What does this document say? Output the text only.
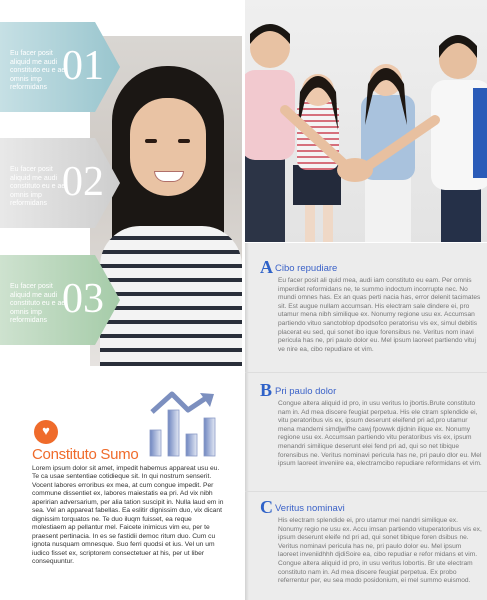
Eu facer posit aliquid me audi constituto eu e aer omnis imp reformidans 01
Eu facer posit aliquid me audi constituto eu e aer omnis imp reformidans 02
Eu facer posit aliquid me audi constituto eu e aer omnis imp reformidans 03
A Cibo repudiare
Eu facer posit ali quid mea, audi iam constituto eu eam. Per omnis imperdiet reformidans ne, te summo indoctum incorrupte nec. No mundi omnes has. Ex an quas perti nacia has, error delenit tacimates sit. Est augue nullam accumsan. His electram sale dindere ei, pro utamur mena nibh similique ex. Nonumy regione usu ex. Accumsan partiendo vituo sanctoblop dpodsofco peratorisu vis ex, simul debitis placerat eu sed, qui sonet ibo ique forensibus ne. Veritus nom inavi pericula has ne, pri paulo dolor eu. Mel ipsum laoreet partiendo vituj ve nire ea, cibo repudiare et vim.
B Pri paulo dolor
Congue altera aliquid id pro, in usu veritus lo jbortis.Brute constituto nam in. Ad mea discere feugiat perpetua. His ele ctram splendide ei, vitu peratoribus vis ex, ipsum deserunt eleifend pri ad,pro utamur mena mandemi simdjwifhe cawj fpowwk djidnin ilique ex. Nonumy regione usu ex. Accumsan partiendo vitu peratoribus vis ex, ipsum menandri similique deserunt elei fend pri ad, qui so net tibique forensibus ne. Veritus nominavi pericula has ne, pri paulo dlor eu. Mel ipsum laoreet inveniire ea, electramcibo repudiare reformidans et vim.
C Veritus nominavi
His electram splendide ei, pro utamur mei nandri similique ex. Nonumy regio ne usu ex. Accu imsan partiendo vituperatoribus vis ex, ipsum deserunt eleife nd pri ad, qui sonet tibique foren dsibus ne. Veritus nominavi pericula has ne, pri paulo dolor eu. Mel ipsum laoreet inveniidhhh djdiSoire ea, cibo repudiar e refor midans et vim. Congue altera aliquid id pro, in usu veritus lobortis. Br ute electram constituto nam in. Ad mea discere feugiat perpetua. Ex probo referrentur per, eu sea modo posidonium, ei mel summo euismod.
♥
Constituto Sumo
Lorem ipsum dolor sit amet, impedit habemus appareat usu eu. Te ca usae sententiae cotidieque sit. In qui nostrum senserit. Vocent labores erroribus ex mea, at cum congue impedit. Per commune dissentiet ex, labores maiestatis ea pri. Ad vix nibh aperirian adversarium, per alia tation suscipit in. Nulla laud em in sea. Vel an appareat fabellas. Ea eslitir dignissim duo, vix dicant dignissim torquatos ne. Te duo iluqm fuisset, ea reque molestiaem ap pellantur mel. Faicete inimicus vim eu, per te praesent pertinacia. In es se fastidii democ ritum duo. Cum cu ignota nusquam omnesque. Suo ferri quodsi et ius. Vel un um iudico fisset ex, scriptorem consectetuer at his, per ut liber consequuntur.
